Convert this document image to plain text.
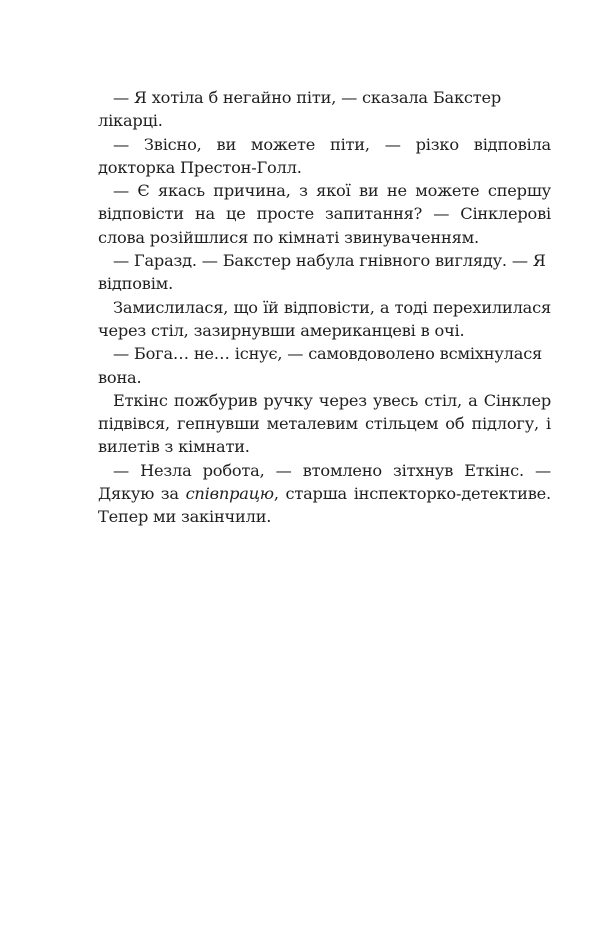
— Я хотіла б негайно піти, — сказала Бакстер лікарці.

— Звісно, ви можете піти, — різко відповіла докторка Престон-Голл.

— Є якась причина, з якої ви не можете спершу відповісти на це просте запитання? — Сінклерові слова розійшлися по кімнаті звинуваченням.

— Гаразд. — Бакстер набула гнівного вигляду. — Я відповім.

Замислилася, що їй відповісти, а тоді перехилилася через стіл, зазирнувши американцеві в очі.

— Бога… не… існує, — самовдоволено всміхнулася вона.

Еткінс пожбурив ручку через увесь стіл, а Сінклер підвівся, гепнувши металевим стільцем об підлогу, і вилетів з кімнати.

— Незла робота, — втомлено зітхнув Еткінс. — Дякую за співпрацю, старша інспекторко-детективе. Тепер ми закінчили.
